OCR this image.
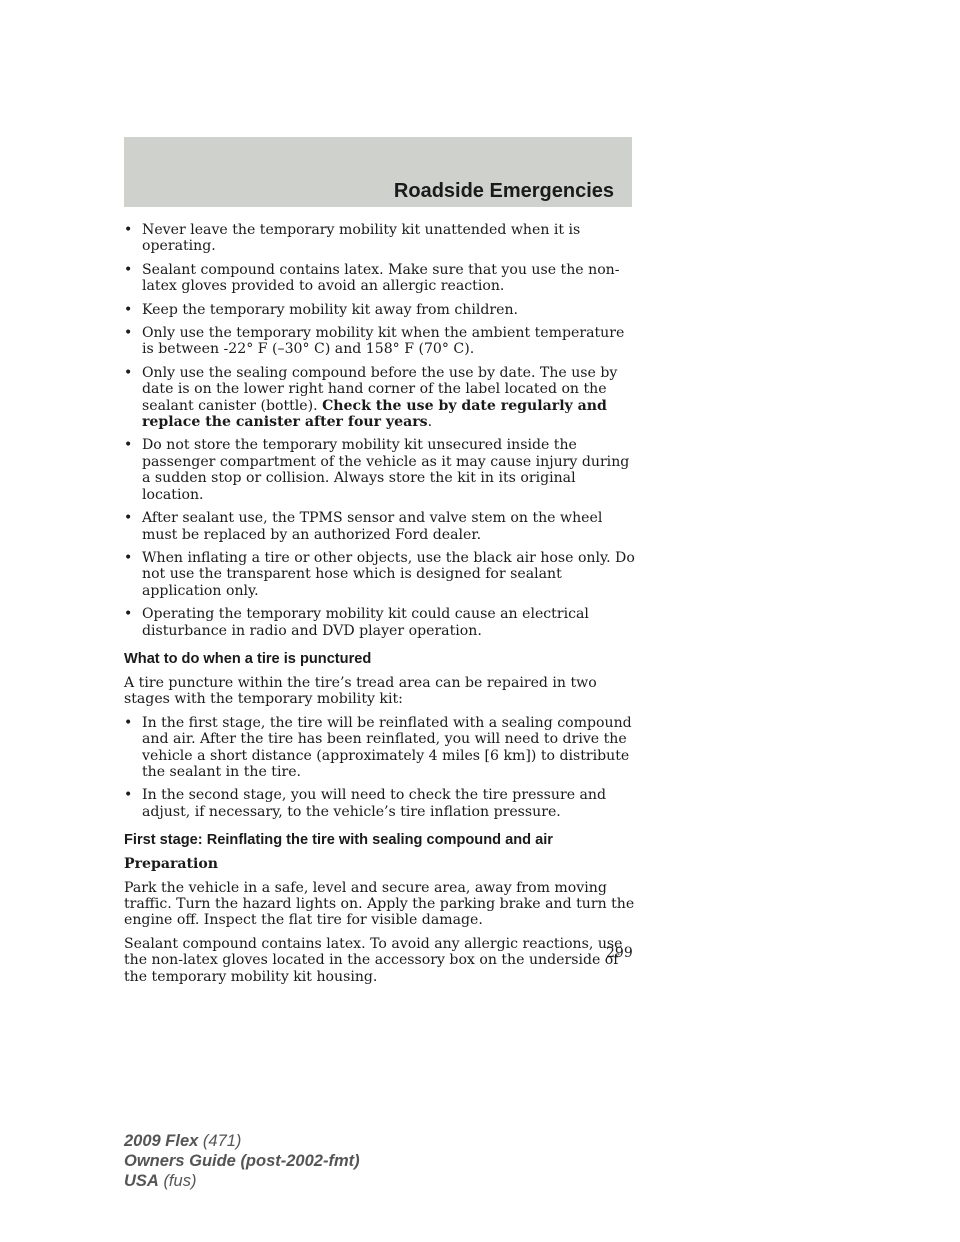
Roadside Emergencies
• Never leave the temporary mobility kit unattended when it is operating.
• Sealant compound contains latex. Make sure that you use the non-latex gloves provided to avoid an allergic reaction.
• Keep the temporary mobility kit away from children.
• Only use the temporary mobility kit when the ambient temperature is between -22° F (–30° C) and 158° F (70° C).
• Only use the sealing compound before the use by date. The use by date is on the lower right hand corner of the label located on the sealant canister (bottle). Check the use by date regularly and replace the canister after four years.
• Do not store the temporary mobility kit unsecured inside the passenger compartment of the vehicle as it may cause injury during a sudden stop or collision. Always store the kit in its original location.
• After sealant use, the TPMS sensor and valve stem on the wheel must be replaced by an authorized Ford dealer.
• When inflating a tire or other objects, use the black air hose only. Do not use the transparent hose which is designed for sealant application only.
• Operating the temporary mobility kit could cause an electrical disturbance in radio and DVD player operation.
What to do when a tire is punctured
A tire puncture within the tire’s tread area can be repaired in two stages with the temporary mobility kit:
• In the first stage, the tire will be reinflated with a sealing compound and air. After the tire has been reinflated, you will need to drive the vehicle a short distance (approximately 4 miles [6 km]) to distribute the sealant in the tire.
• In the second stage, you will need to check the tire pressure and adjust, if necessary, to the vehicle’s tire inflation pressure.
First stage: Reinflating the tire with sealing compound and air
Preparation
Park the vehicle in a safe, level and secure area, away from moving traffic. Turn the hazard lights on. Apply the parking brake and turn the engine off. Inspect the flat tire for visible damage.
Sealant compound contains latex. To avoid any allergic reactions, use the non-latex gloves located in the accessory box on the underside of the temporary mobility kit housing.
299
2009 Flex (471)
Owners Guide (post-2002-fmt)
USA (fus)
